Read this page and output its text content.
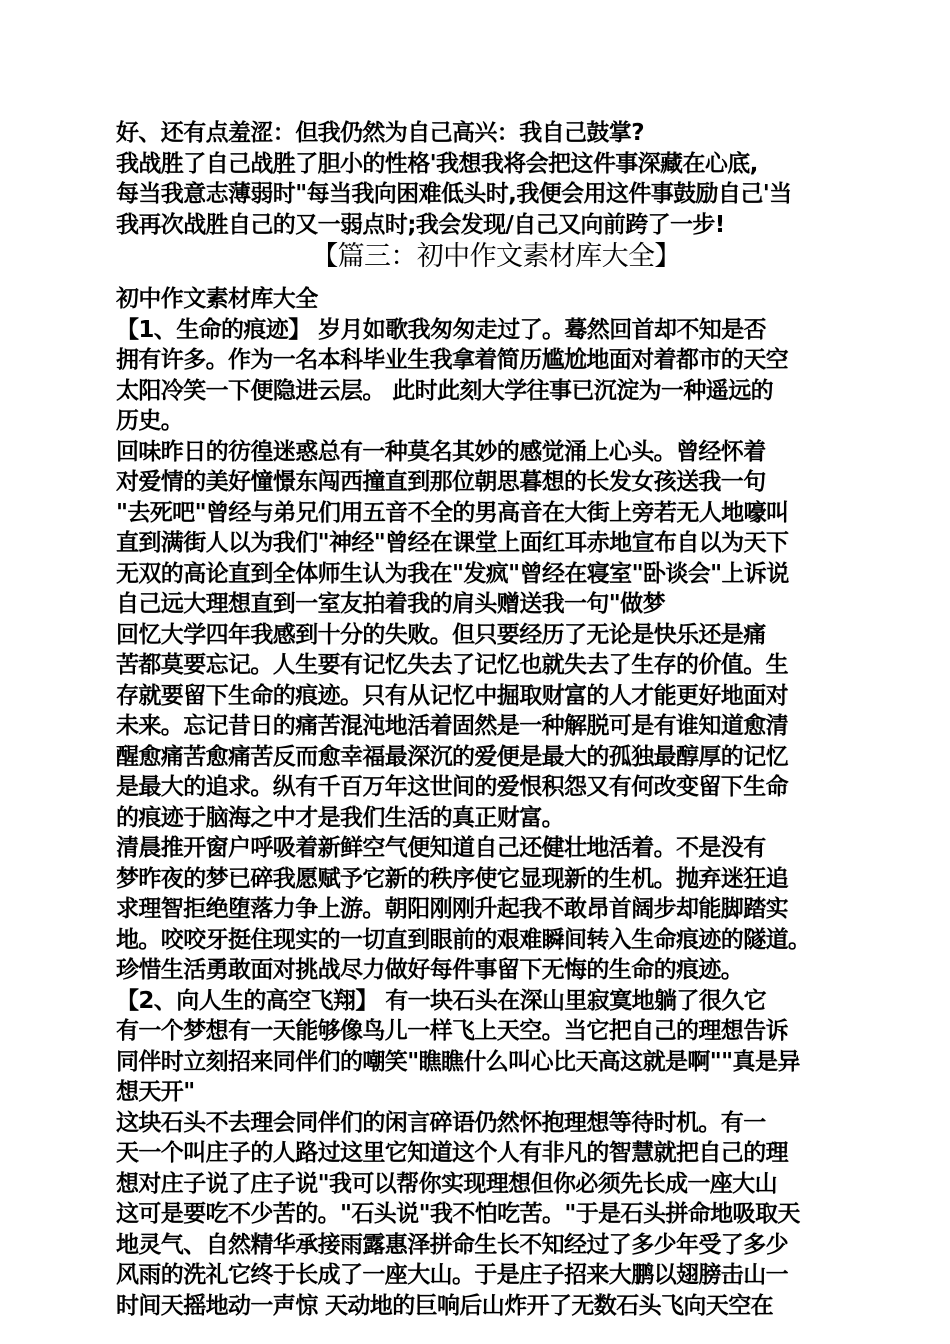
好、还有点羞涩：但我仍然为自己高兴：我自己鼓掌?
我战胜了自己战胜了胆小的性格'我想我将会把这件事深藏在心底,
每当我意志薄弱时"每当我向困难低头时,我便会用这件事鼓励自己'当
我再次战胜自己的又一弱点时;我会发现/自己又向前跨了一步!
【篇三：初中作文素材库大全】
初中作文素材库大全
【1、生命的痕迹】 岁月如歌我匆匆走过了。蓦然回首却不知是否
拥有许多。作为一名本科毕业生我拿着简历尴尬地面对着都市的天空
太阳冷笑一下便隐进云层。 此时此刻大学往事已沉淀为一种遥远的
历史。
回味昨日的彷徨迷惑总有一种莫名其妙的感觉涌上心头。曾经怀着
对爱情的美好憧憬东闯西撞直到那位朝思暮想的长发女孩送我一句
"去死吧"曾经与弟兄们用五音不全的男高音在大街上旁若无人地嚎叫
直到满街人以为我们"神经"曾经在课堂上面红耳赤地宣布自以为天下
无双的高论直到全体师生认为我在"发疯"曾经在寝室"卧谈会"上诉说
自己远大理想直到一室友拍着我的肩头赠送我一句"做梦
回忆大学四年我感到十分的失败。但只要经历了无论是快乐还是痛
苦都莫要忘记。人生要有记忆失去了记忆也就失去了生存的价值。生
存就要留下生命的痕迹。只有从记忆中掘取财富的人才能更好地面对
未来。忘记昔日的痛苦混沌地活着固然是一种解脱可是有谁知道愈清
醒愈痛苦愈痛苦反而愈幸福最深沉的爱便是最大的孤独最醇厚的记忆
是最大的追求。纵有千百万年这世间的爱恨积怨又有何改变留下生命
的痕迹于脑海之中才是我们生活的真正财富。
清晨推开窗户呼吸着新鲜空气便知道自己还健壮地活着。不是没有
梦昨夜的梦已碎我愿赋予它新的秩序使它显现新的生机。抛弃迷狂追
求理智拒绝堕落力争上游。朝阳刚刚升起我不敢昂首阔步却能脚踏实
地。咬咬牙挺住现实的一切直到眼前的艰难瞬间转入生命痕迹的隧道。
珍惜生活勇敢面对挑战尽力做好每件事留下无悔的生命的痕迹。
【2、向人生的高空飞翔】 有一块石头在深山里寂寞地躺了很久它
有一个梦想有一天能够像鸟儿一样飞上天空。当它把自己的理想告诉
同伴时立刻招来同伴们的嘲笑"瞧瞧什么叫心比天高这就是啊""真是异
想天开"
这块石头不去理会同伴们的闲言碎语仍然怀抱理想等待时机。有一
天一个叫庄子的人路过这里它知道这个人有非凡的智慧就把自己的理
想对庄子说了庄子说"我可以帮你实现理想但你必须先长成一座大山
这可是要吃不少苦的。"石头说"我不怕吃苦。"于是石头拼命地吸取天
地灵气、自然精华承接雨露惠泽拼命生长不知经过了多少年受了多少
风雨的洗礼它终于长成了一座大山。于是庄子招来大鹏以翅膀击山一
时间天摇地动一声惊 天动地的巨响后山炸开了无数石头飞向天空在
